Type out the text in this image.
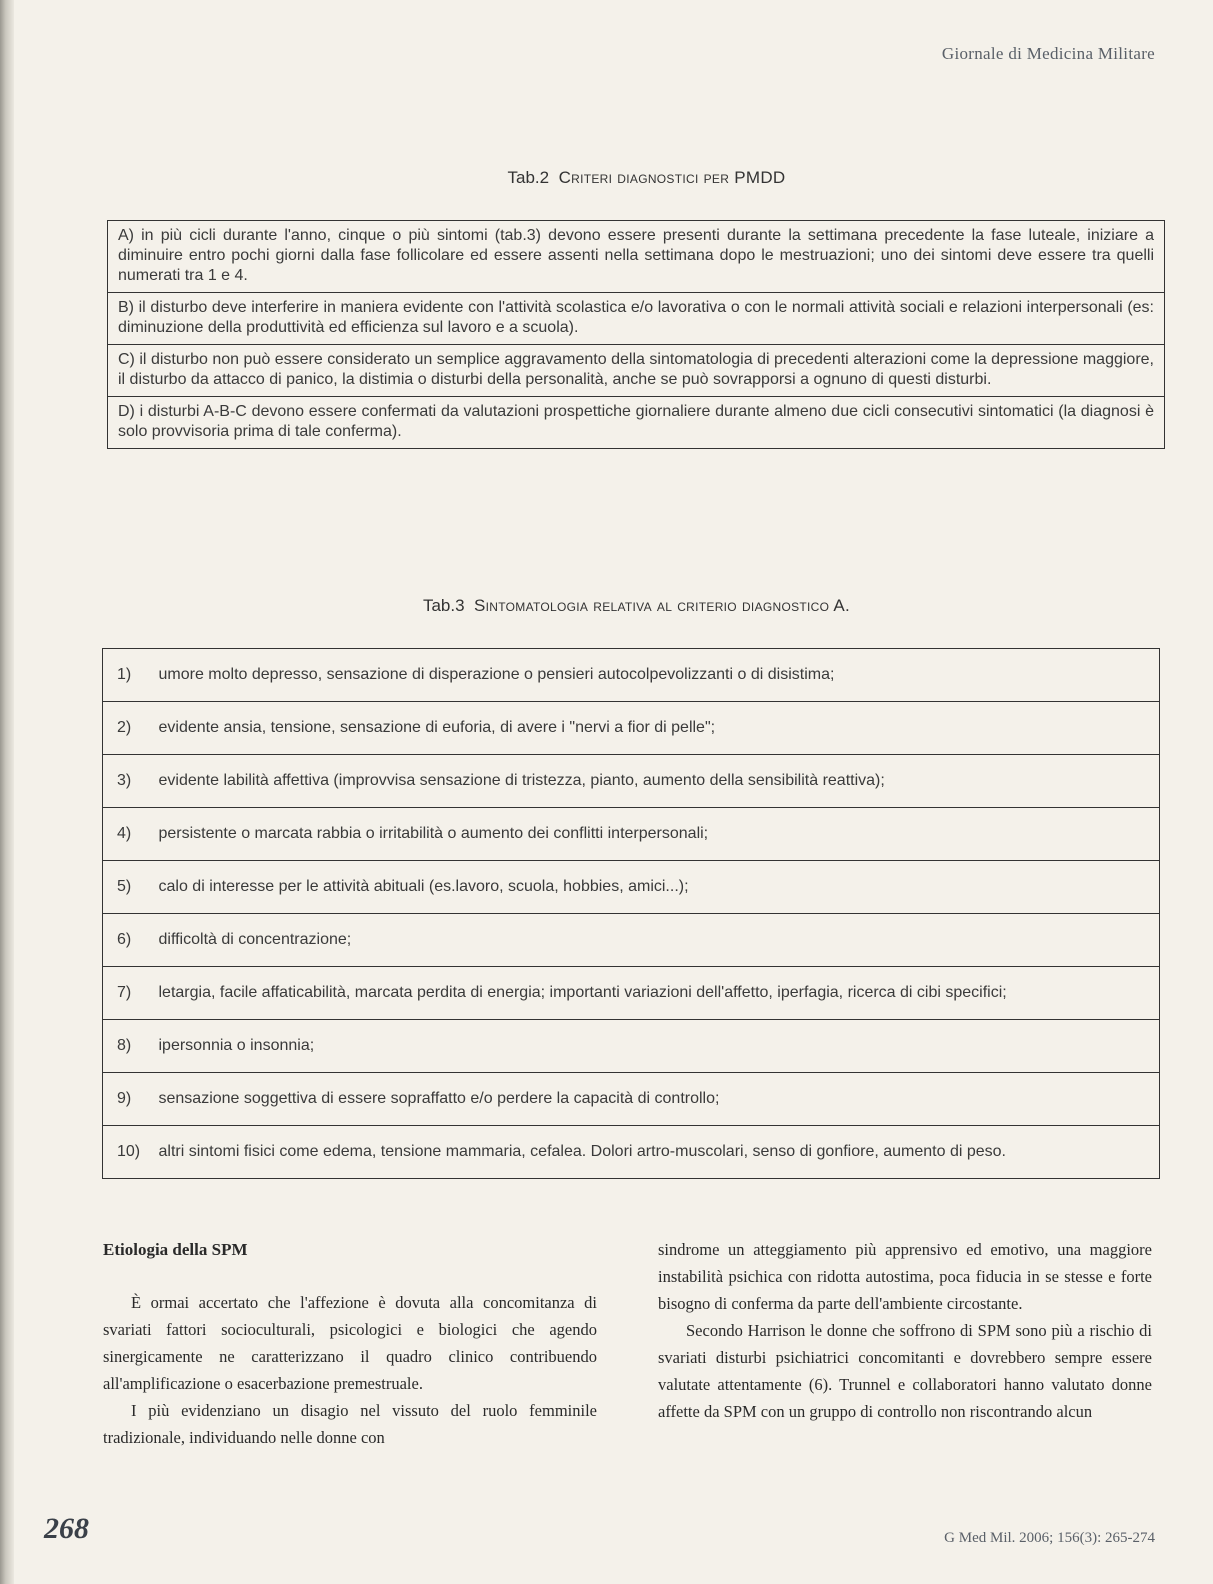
Giornale di Medicina Militare
Tab.2 Criteri diagnostici per PMDD
A) in più cicli durante l'anno, cinque o più sintomi (tab.3) devono essere presenti durante la settimana precedente la fase luteale, iniziare a diminuire entro pochi giorni dalla fase follicolare ed essere assenti nella settimana dopo le mestruazioni; uno dei sintomi deve essere tra quelli numerati tra 1 e 4.
B) il disturbo deve interferire in maniera evidente con l'attività scolastica e/o lavorativa o con le normali attività sociali e relazioni interpersonali (es: diminuzione della produttività ed efficienza sul lavoro e a scuola).
C) il disturbo non può essere considerato un semplice aggravamento della sintomatologia di precedenti alterazioni come la depressione maggiore, il disturbo da attacco di panico, la distimia o disturbi della personalità, anche se può sovrapporsi a ognuno di questi disturbi.
D) i disturbi A-B-C devono essere confermati da valutazioni prospettiche giornaliere durante almeno due cicli consecutivi sintomatici (la diagnosi è solo provvisoria prima di tale conferma).
Tab.3 Sintomatologia relativa al criterio diagnostico A.
1)	umore molto depresso, sensazione di disperazione o pensieri autocolpevolizzanti o di disistima;
2)	evidente ansia, tensione, sensazione di euforia, di avere i "nervi a fior di pelle";
3)	evidente labilità affettiva (improvvisa sensazione di tristezza, pianto, aumento della sensibilità reattiva);
4)	persistente o marcata rabbia o irritabilità o aumento dei conflitti interpersonali;
5)	calo di interesse per le attività abituali (es.lavoro, scuola, hobbies, amici...);
6)	difficoltà di concentrazione;
7)	letargia, facile affaticabilità, marcata perdita di energia; importanti variazioni dell'affetto, iperfagia, ricerca di cibi specifici;
8)	ipersonnia o insonnia;
9)	sensazione soggettiva di essere sopraffatto e/o perdere la capacità di controllo;
10)	altri sintomi fisici come edema, tensione mammaria, cefalea. Dolori artro-muscolari, senso di gonfiore, aumento di peso.
Etiologia della SPM

È ormai accertato che l'affezione è dovuta alla concomitanza di svariati fattori socioculturali, psicologici e biologici che agendo sinergicamente ne caratterizzano il quadro clinico contribuendo all'amplificazione o esacerbazione premestruale.

I più evidenziano un disagio nel vissuto del ruolo femminile tradizionale, individuando nelle donne con

sindrome un atteggiamento più apprensivo ed emotivo, una maggiore instabilità psichica con ridotta autostima, poca fiducia in se stesse e forte bisogno di conferma da parte dell'ambiente circostante.

Secondo Harrison le donne che soffrono di SPM sono più a rischio di svariati disturbi psichiatrici concomitanti e dovrebbero sempre essere valutate attentamente (6). Trunnel e collaboratori hanno valutato donne affette da SPM con un gruppo di controllo non riscontrando alcun

268	G Med Mil. 2006; 156(3): 265-274
